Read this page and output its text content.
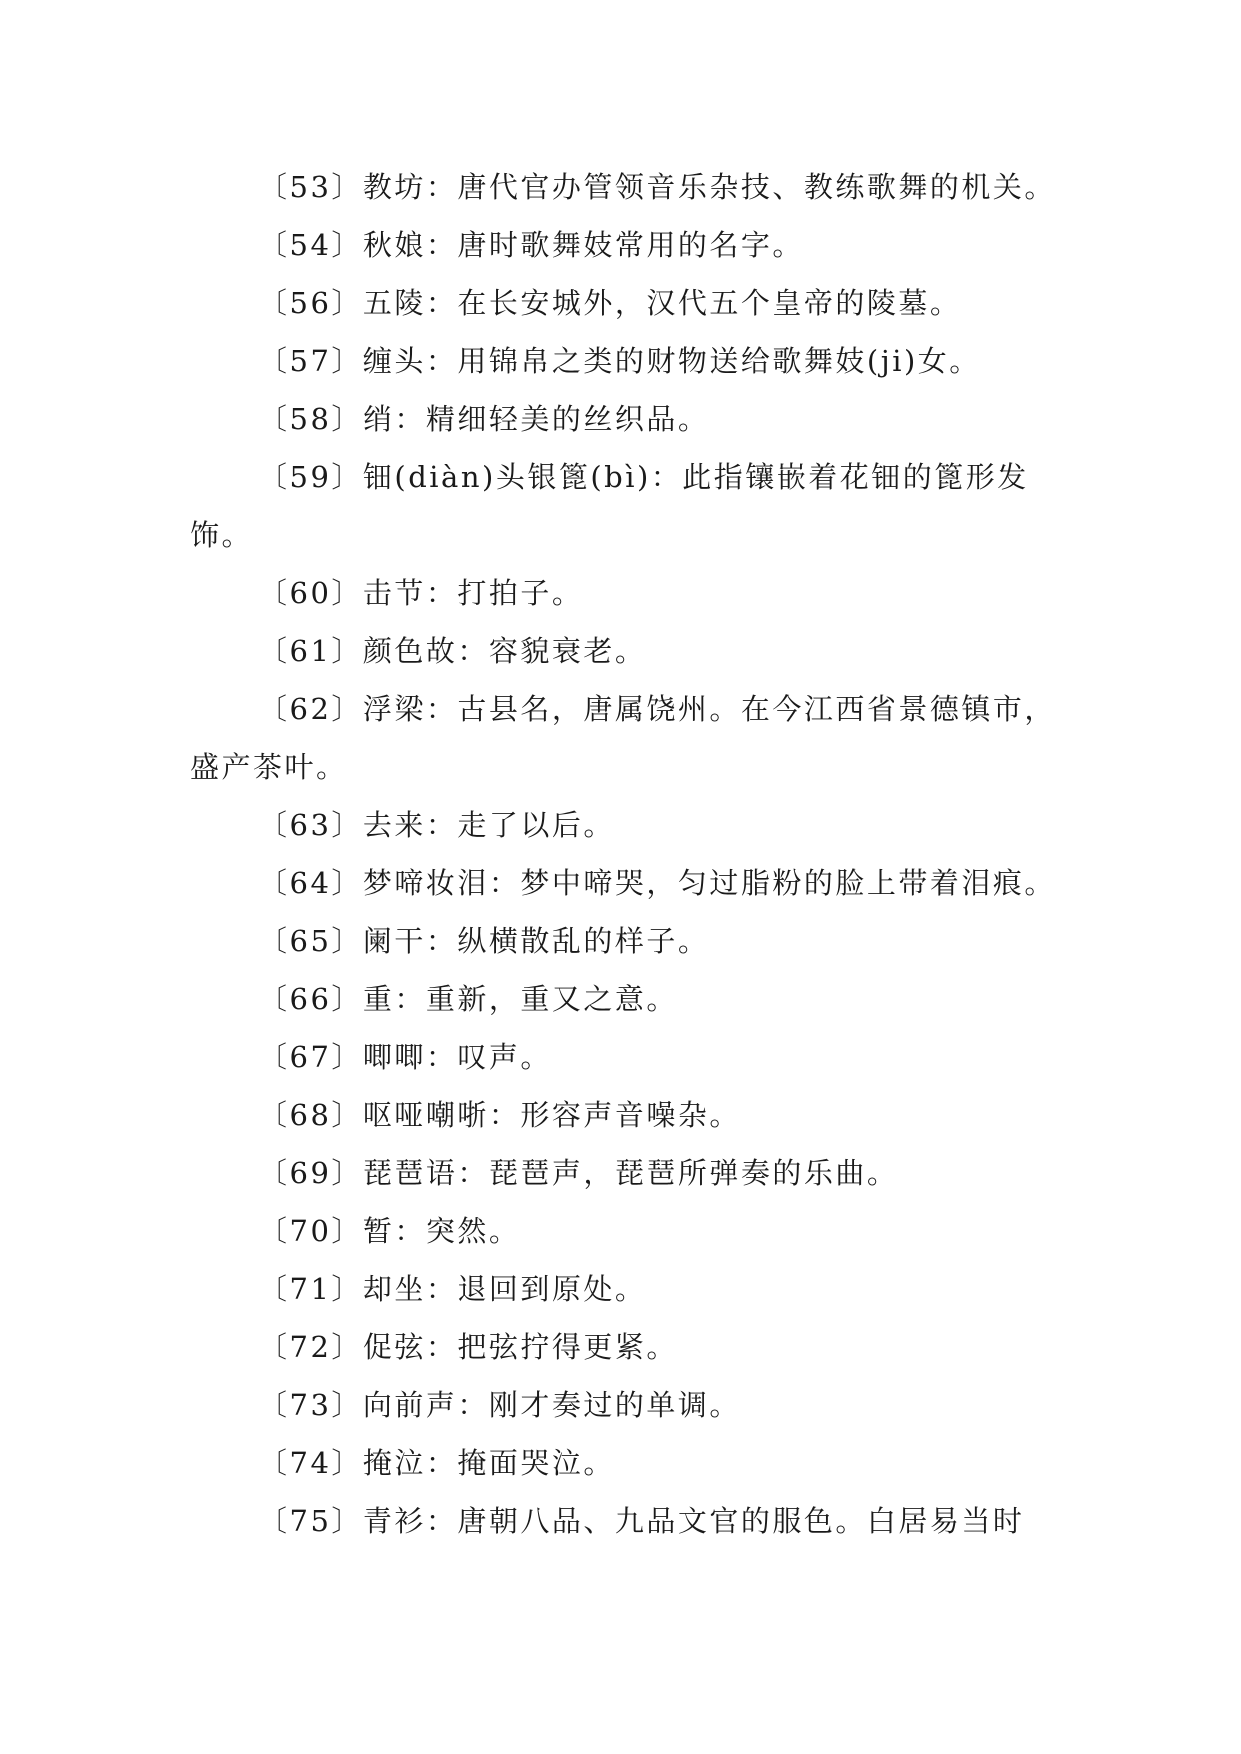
〔53〕教坊：唐代官办管领音乐杂技、教练歌舞的机关。
〔54〕秋娘：唐时歌舞妓常用的名字。
〔56〕五陵：在长安城外，汉代五个皇帝的陵墓。
〔57〕缠头：用锦帛之类的财物送给歌舞妓(ji)女。
〔58〕绡：精细轻美的丝织品。
〔59〕钿(diàn)头银篦(bì)：此指镶嵌着花钿的篦形发饰。
〔60〕击节：打拍子。
〔61〕颜色故：容貌衰老。
〔62〕浮梁：古县名，唐属饶州。在今江西省景德镇市，盛产茶叶。
〔63〕去来：走了以后。
〔64〕梦啼妆泪：梦中啼哭，匀过脂粉的脸上带着泪痕。
〔65〕阑干：纵横散乱的样子。
〔66〕重：重新，重又之意。
〔67〕唧唧：叹声。
〔68〕呕哑嘲哳：形容声音噪杂。
〔69〕琵琶语：琵琶声，琵琶所弹奏的乐曲。
〔70〕暂：突然。
〔71〕却坐：退回到原处。
〔72〕促弦：把弦拧得更紧。
〔73〕向前声：刚才奏过的单调。
〔74〕掩泣：掩面哭泣。
〔75〕青衫：唐朝八品、九品文官的服色。白居易当时
